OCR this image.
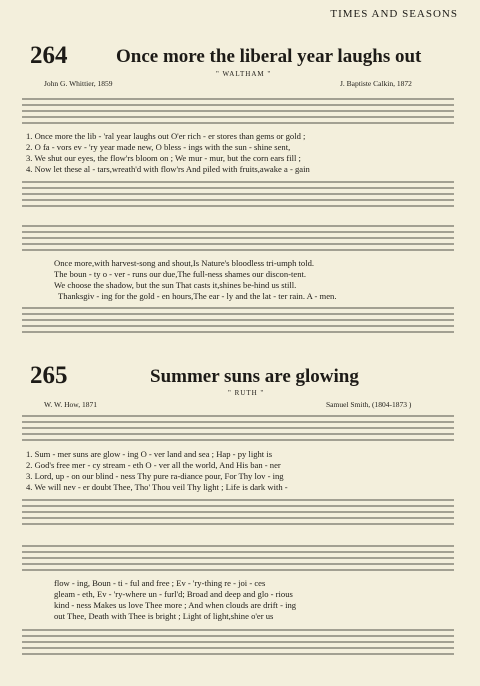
TIMES AND SEASONS
264	Once more the liberal year laughs out
John G. Whittier, 1859
" WALTHAM "
J. Baptiste Calkin, 1872
1. Once more the lib - 'ral year laughs out O'er rich - er stores than gems or gold ;
2. O fa - vors ev - 'ry year made new, O bless - ings with the sun - shine sent,
3. We shut our eyes, the flow'rs bloom on ; We mur - mur, but the corn ears fill ;
4. Now let these al - tars,wreath'd with flow'rs And piled with fruits,awake a - gain
Once more,with harvest-song and shout,Is Nature's bloodless tri-umph told.
The boun - ty o - ver - runs our due,The full-ness shames our discon-tent.
We choose the shadow, but the sun That casts it,shines be-hind us still.
Thanksgiv - ing for the gold - en hours,The ear - ly and the lat - ter rain. A - men.
265	Summer suns are glowing
" RUTH "
W. W. How, 1871	Samuel Smith, (1804-1873 )
1. Sum - mer suns are glow - ing O - ver land and sea ; Hap - py light is
2. God's free mer - cy stream - eth O - ver all the world, And His ban - ner
3. Lord, up - on our blind - ness Thy pure ra-diance pour, For Thy lov - ing
4. We will nev - er doubt Thee, Tho' Thou veil Thy light ; Life is dark with -
flow - ing, Boun - ti - ful and free ; Ev - 'ry-thing re - joi - ces
gleam - eth, Ev - 'ry-where un - furl'd; Broad and deep and glo - rious
kind - ness Makes us love Thee more ; And when clouds are drift - ing
out Thee, Death with Thee is bright ; Light of light,shine o'er us
